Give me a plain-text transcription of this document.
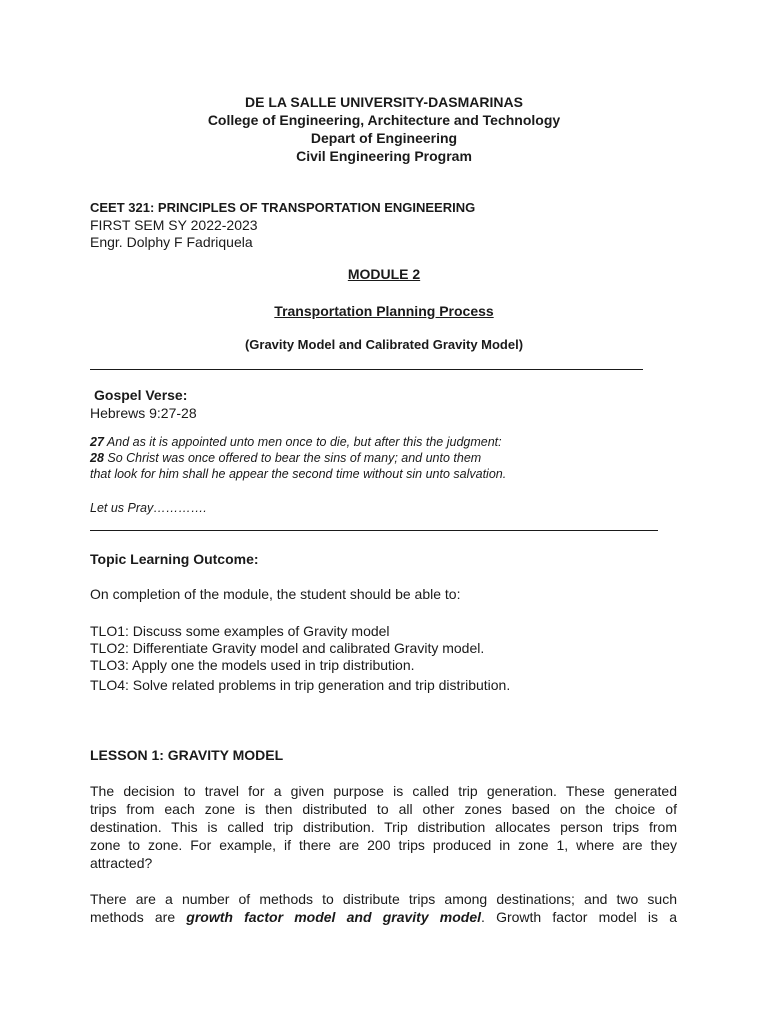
DE LA SALLE UNIVERSITY-DASMARINAS
College of Engineering, Architecture and Technology
Depart of Engineering
Civil Engineering Program
CEET 321: PRINCIPLES OF TRANSPORTATION ENGINEERING
FIRST SEM SY 2022-2023
Engr. Dolphy F Fadriquela
MODULE 2
Transportation Planning Process
(Gravity Model and Calibrated Gravity Model)
Gospel Verse:
Hebrews 9:27-28
27 And as it is appointed unto men once to die, but after this the judgment:
28 So Christ was once offered to bear the sins of many; and unto them
that look for him shall he appear the second time without sin unto salvation.
Let us Pray………….
Topic Learning Outcome:
On completion of the module, the student should be able to:
TLO1: Discuss some examples of Gravity model
TLO2: Differentiate Gravity model and calibrated Gravity model.
TLO3: Apply one the models used in trip distribution.
TLO4: Solve related problems in trip generation and trip distribution.
LESSON 1: GRAVITY MODEL
The decision to travel for a given purpose is called trip generation. These generated
trips from each zone is then distributed to all other zones based on the choice of
destination. This is called trip distribution. Trip distribution allocates person trips from
zone to zone. For example, if there are 200 trips produced in zone 1, where are they
attracted?
There are a number of methods to distribute trips among destinations; and two such
methods are growth factor model and gravity model. Growth factor model is a
